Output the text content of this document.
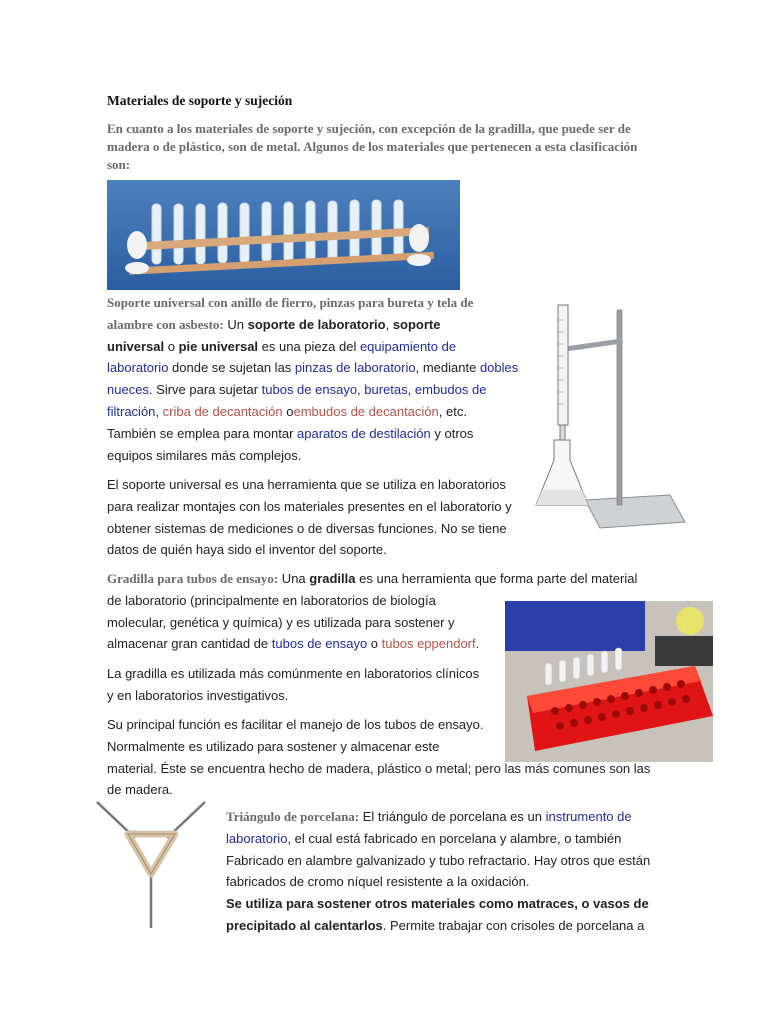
Materiales de soporte y sujeción
En cuanto a los materiales de soporte y sujeción, con excepción de la gradilla, que puede ser de
madera o de plástico, son de metal. Algunos de los materiales que pertenecen a esta clasificación
son:
Soporte universal con anillo de fierro, pinzas para bureta y tela de
alambre con asbesto: Un soporte de laboratorio, soporte
universal o pie universal es una pieza del equipamiento de
laboratorio donde se sujetan las pinzas de laboratorio, mediante dobles
nueces. Sirve para sujetar tubos de ensayo, buretas, embudos de
filtración, criba de decantación oembudos de decantación, etc.
También se emplea para montar aparatos de destilación y otros
equipos similares más complejos.
El soporte universal es una herramienta que se utiliza en laboratorios
para realizar montajes con los materiales presentes en el laboratorio y
obtener sistemas de mediciones o de diversas funciones. No se tiene
datos de quién haya sido el inventor del soporte.
Gradilla para tubos de ensayo: Una gradilla es una herramienta que forma parte del material
de laboratorio (principalmente en laboratorios de biología
molecular, genética y química) y es utilizada para sostener y
almacenar gran cantidad de tubos de ensayo o tubos eppendorf.
La gradilla es utilizada más comúnmente en laboratorios clínicos
y en laboratorios investigativos.
Su principal función es facilitar el manejo de los tubos de ensayo.
Normalmente es utilizado para sostener y almacenar este
material. Éste se encuentra hecho de madera, plástico o metal; pero las más comunes son las
de madera.
Triángulo de porcelana: El triángulo de porcelana es un instrumento de
laboratorio, el cual está fabricado en porcelana y alambre, o también
Fabricado en alambre galvanizado y tubo refractario. Hay otros que están
fabricados de cromo níquel resistente a la oxidación.
Se utiliza para sostener otros materiales como matraces, o vasos de
precipitado al calentarlos. Permite trabajar con crisoles de porcelana a
